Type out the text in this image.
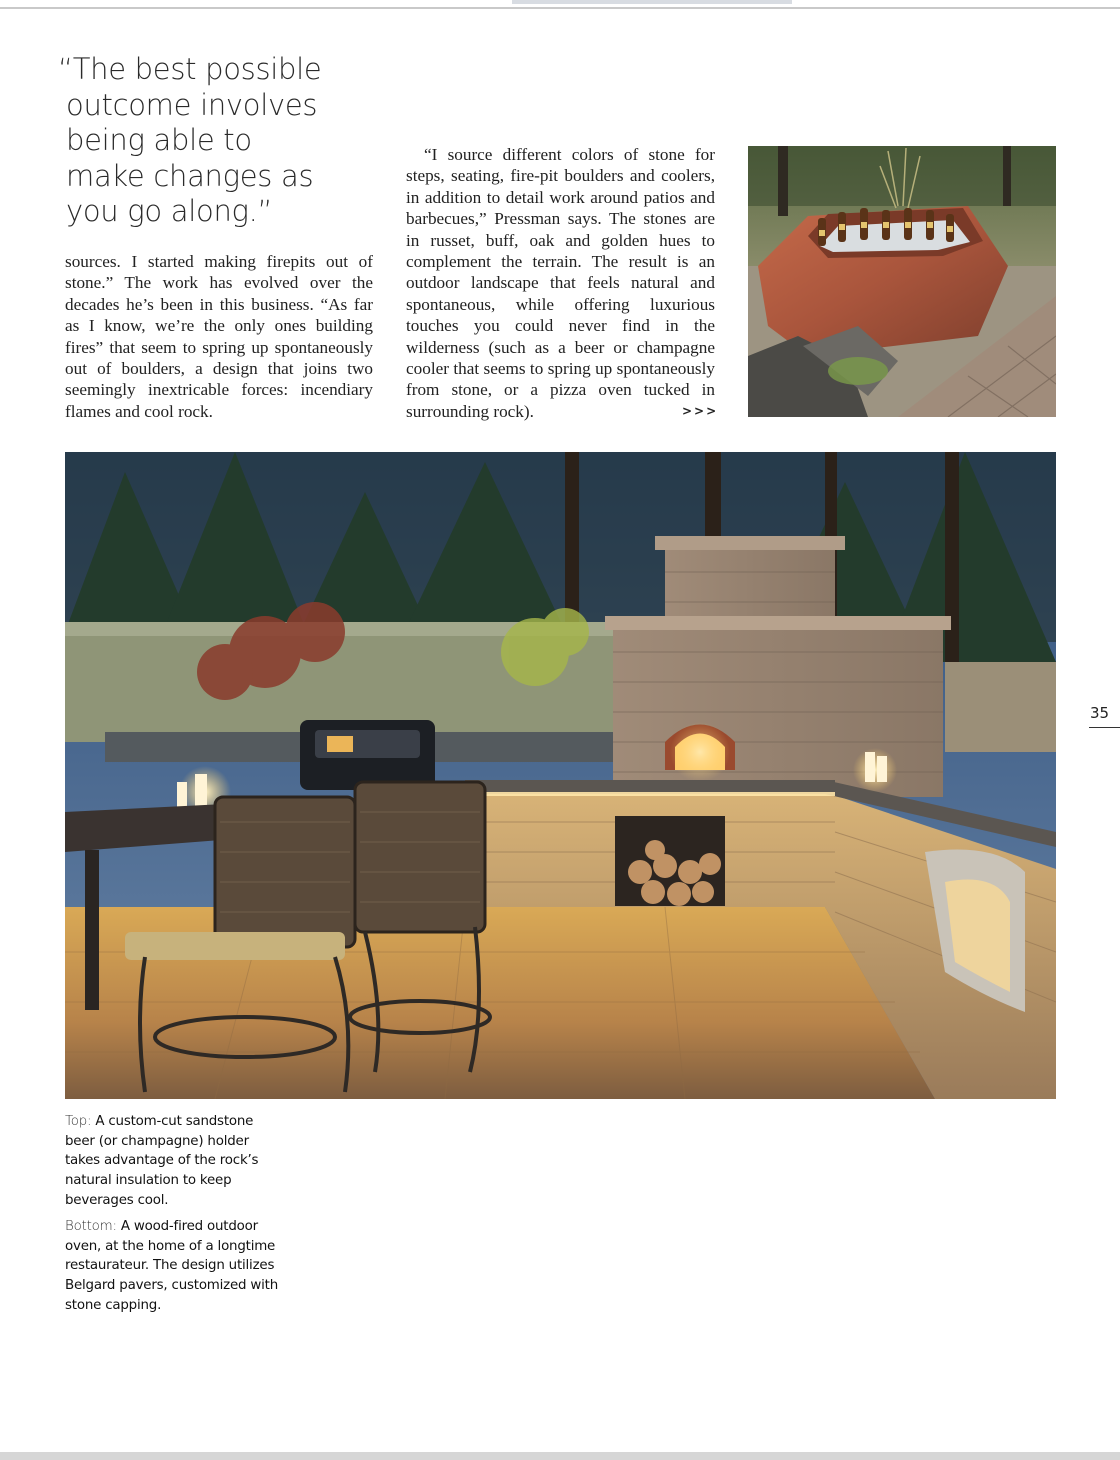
“The best possible
outcome involves
being able to
make changes as
you go along.”

sources. I started making firepits out of stone.” The work has evolved over the decades he’s been in this business. “As far as I know, we’re the only ones building fires” that seem to spring up spontaneously out of boulders, a design that joins two seemingly inextricable forces: incendiary flames and cool rock.

“I source different colors of stone for steps, seating, fire-pit boulders and coolers, in addition to detail work around patios and barbecues,” Pressman says. The stones are in russet, buff, oak and golden hues to complement the terrain. The result is an outdoor landscape that feels natural and spontaneous, while offering luxurious touches you could never find in the wilderness (such as a beer or champagne cooler that seems to spring up spontaneously from stone, or a pizza oven tucked in surrounding rock).	>>>
35
Top: A custom-cut sandstone beer (or champagne) holder takes advantage of the rock’s natural insulation to keep beverages cool.
Bottom: A wood-fired outdoor oven, at the home of a longtime restaurateur. The design utilizes Belgard pavers, customized with stone capping.
